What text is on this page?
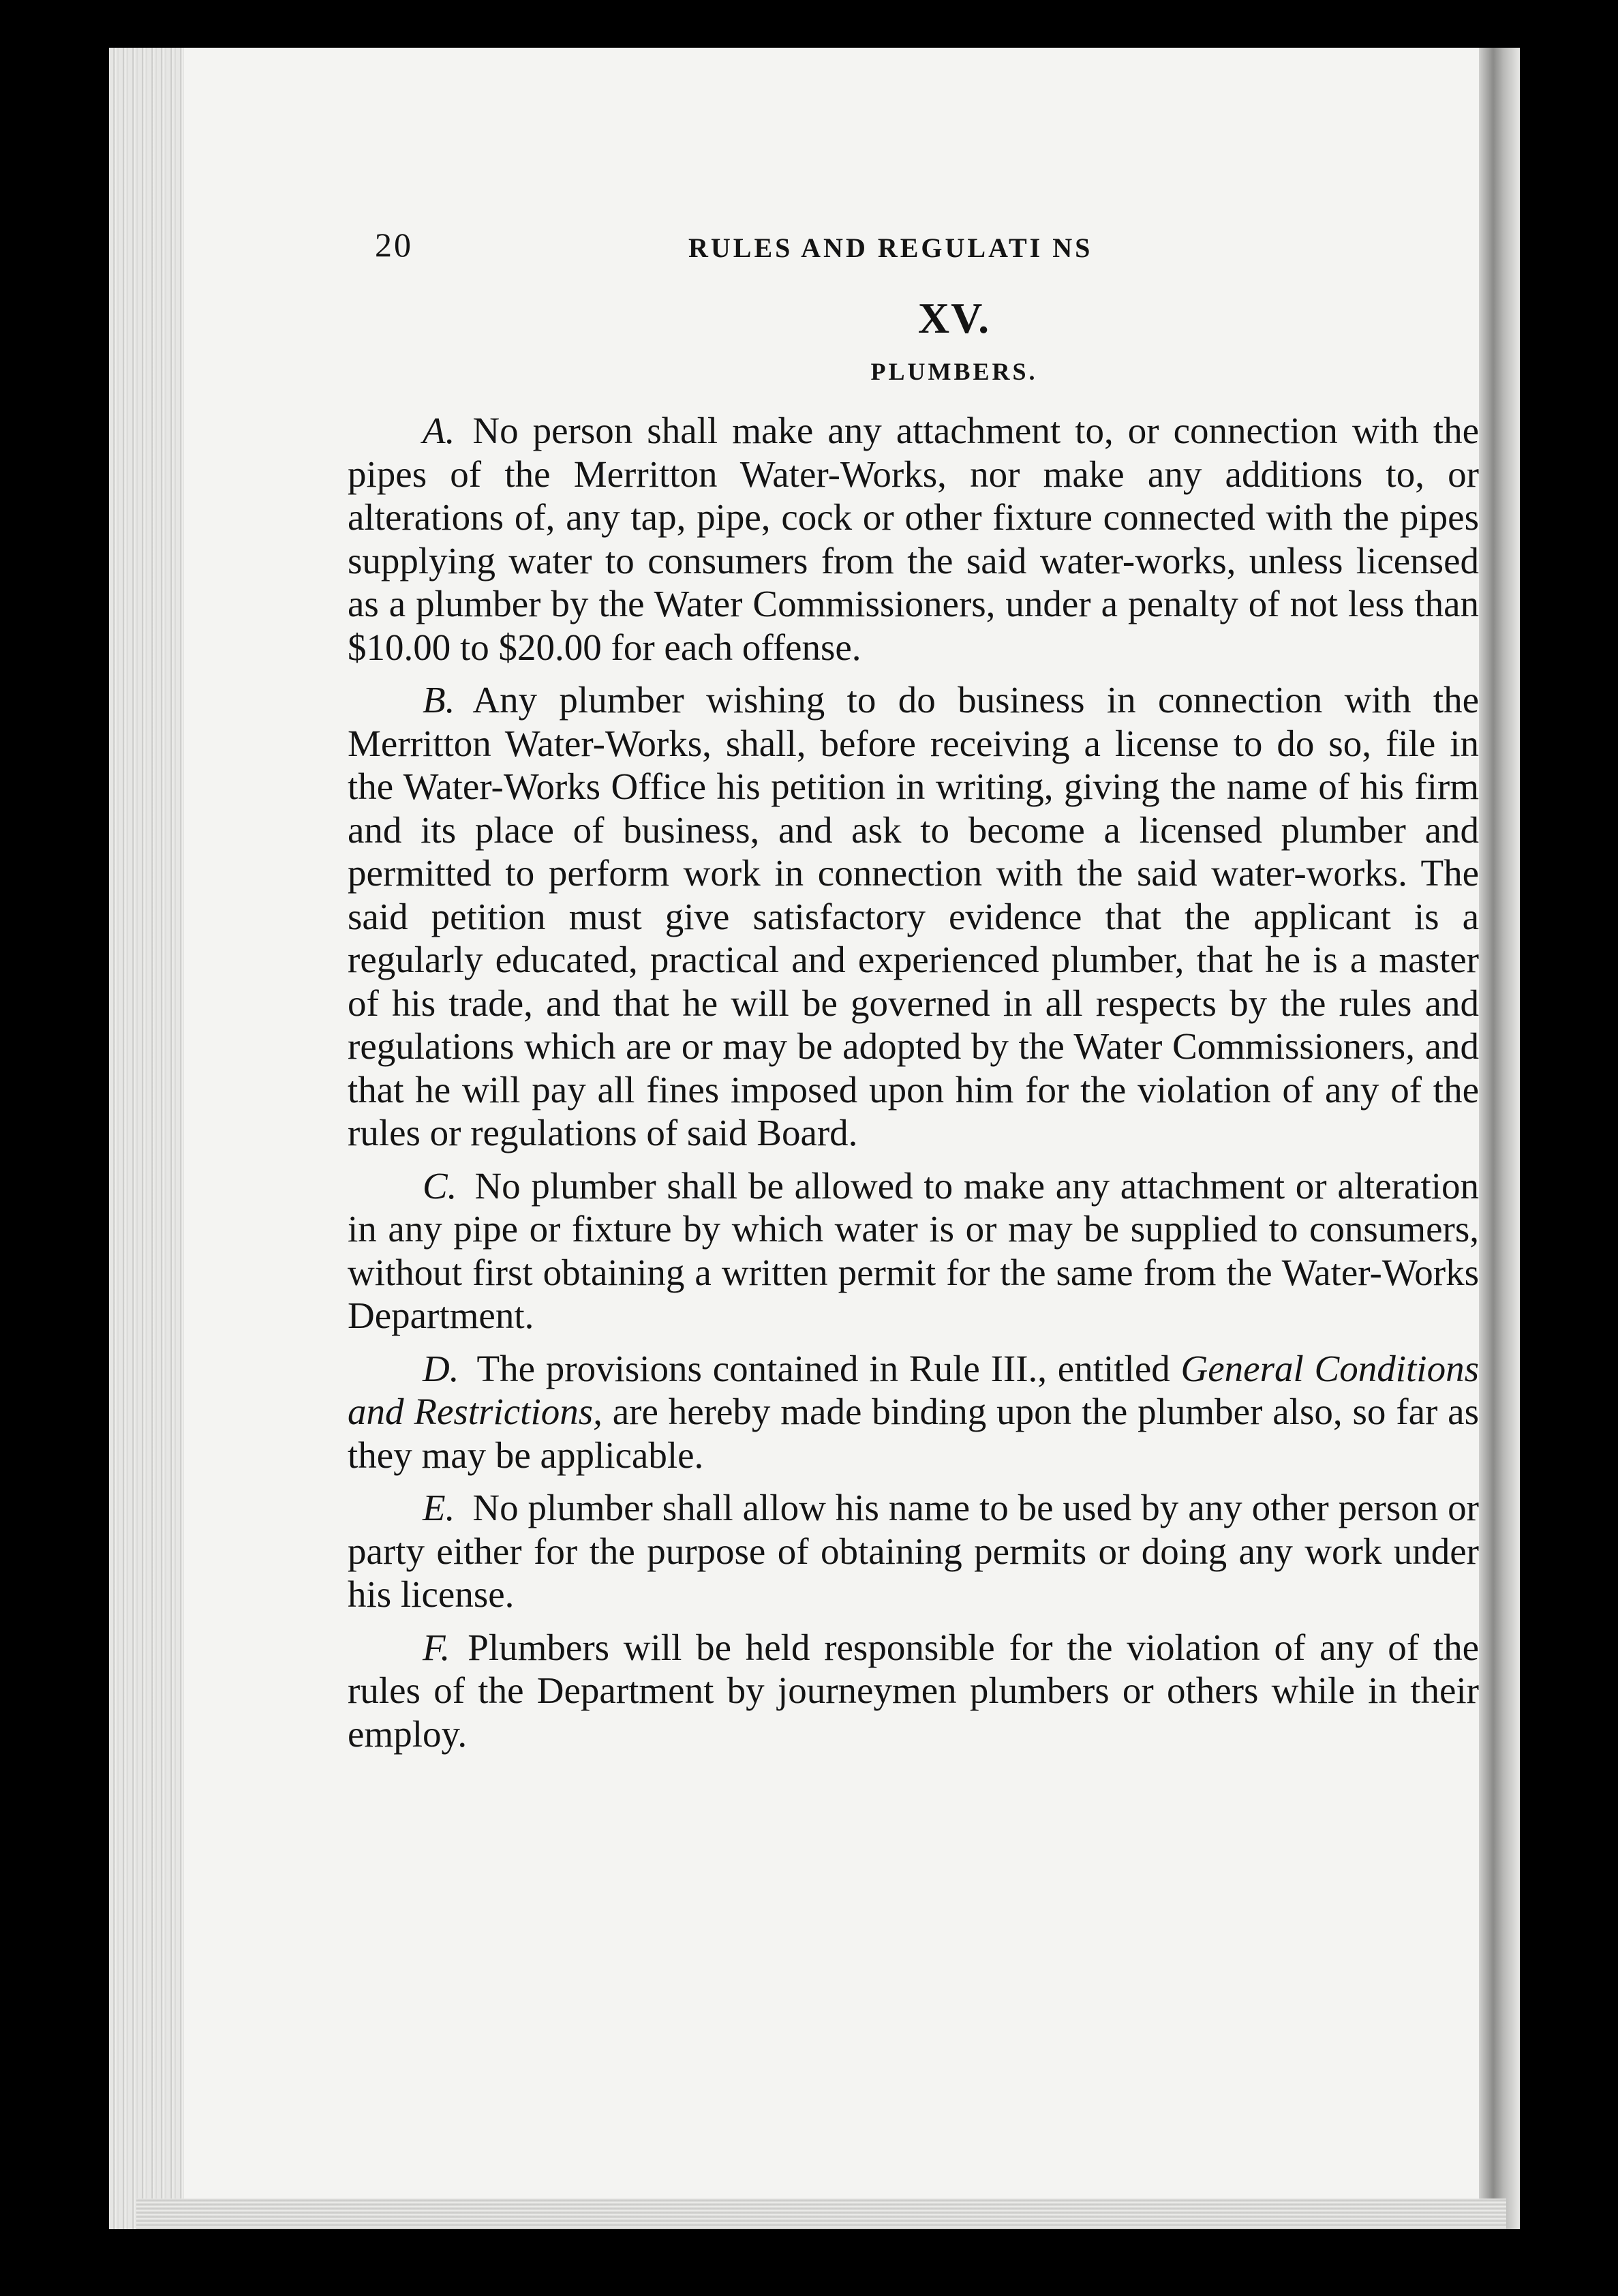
20	RULES AND REGULATI NS
XV.
PLUMBERS.

A. No person shall make any attachment to, or connection with the pipes of the Merritton Water-Works, nor make any additions to, or alterations of, any tap, pipe, cock or other fixture connected with the pipes supplying water to consumers from the said water-works, unless licensed as a plumber by the Water Commissioners, under a penalty of not less than $10.00 to $20.00 for each offense.

B. Any plumber wishing to do business in connection with the Merritton Water-Works, shall, before receiving a license to do so, file in the Water-Works Office his petition in writing, giving the name of his firm and its place of business, and ask to become a licensed plumber and permitted to perform work in connection with the said water-works. The said petition must give satisfactory evidence that the applicant is a regularly educated, practical and experienced plumber, that he is a master of his trade, and that he will be governed in all respects by the rules and regulations which are or may be adopted by the Water Commissioners, and that he will pay all fines imposed upon him for the violation of any of the rules or regulations of said Board.

C. No plumber shall be allowed to make any attachment or alteration in any pipe or fixture by which water is or may be supplied to consumers, without first obtaining a written permit for the same from the Water-Works Department.

D. The provisions contained in Rule III., entitled General Conditions and Restrictions, are hereby made binding upon the plumber also, so far as they may be applicable.

E. No plumber shall allow his name to be used by any other person or party either for the purpose of obtaining permits or doing any work under his license.

F. Plumbers will be held responsible for the violation of any of the rules of the Department by journeymen plumbers or others while in their employ.
